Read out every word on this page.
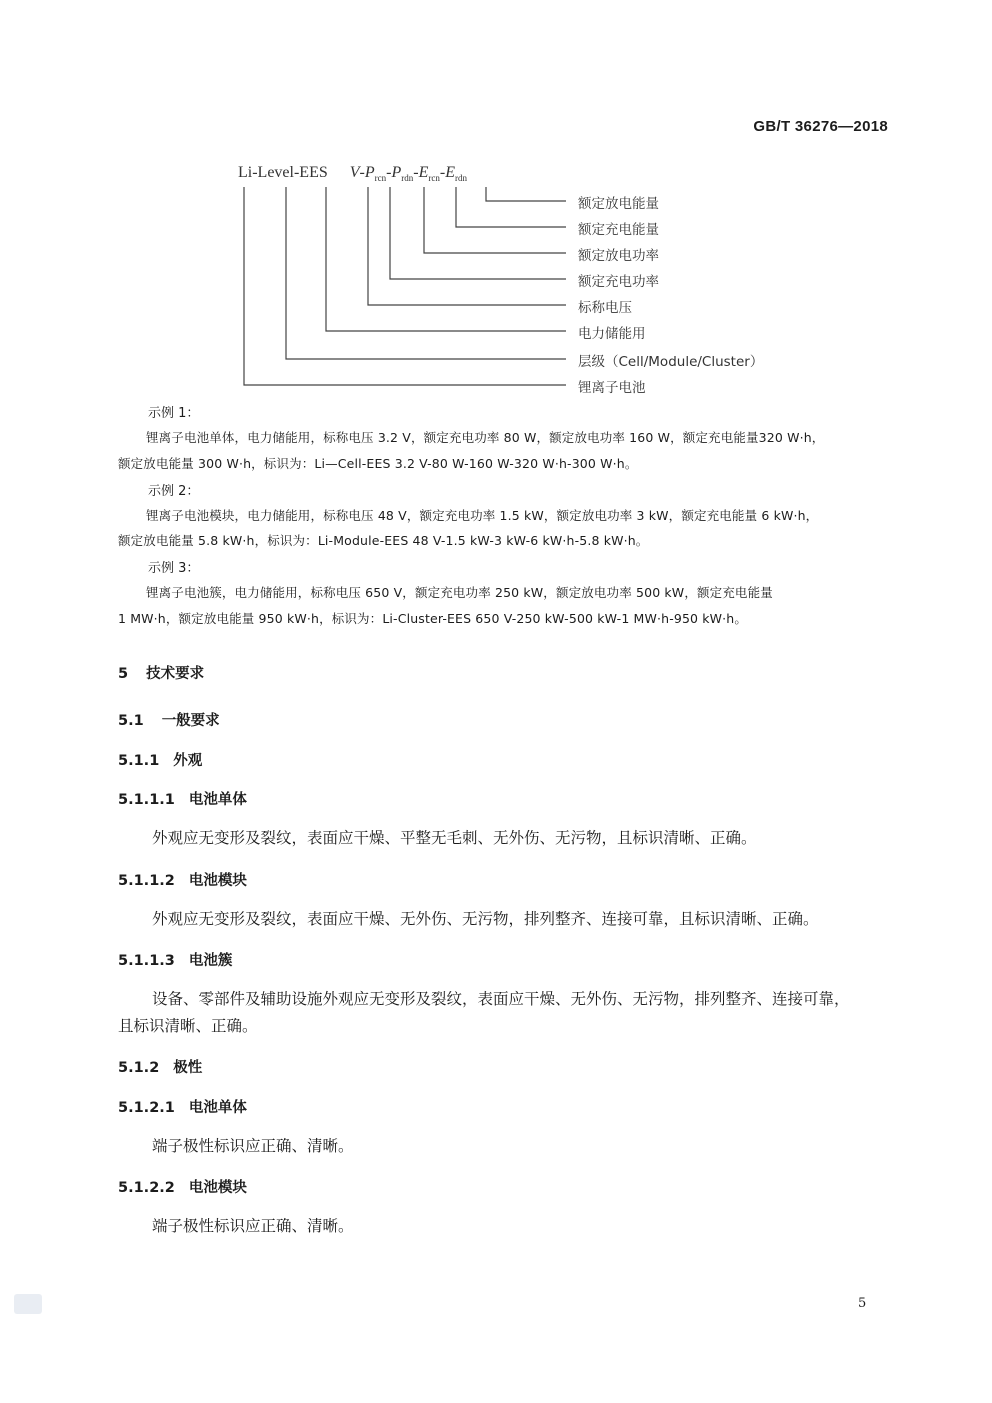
GB/T 36276—2018
Li-Level-EES $V-P_{rcn}-P_{rdn}-E_{rcn}-E_{rdn}$
额定放电能量
额定充电能量
额定放电功率
额定充电功率
标称电压
电力储能用
层级（Cell/Module/Cluster）
锂离子电池
示例 1：
锂离子电池单体，电力储能用，标称电压 3.2 V，额定充电功率 80 W，额定放电功率 160 W，额定充电能量320 W·h，
额定放电能量 300 W·h，标识为：Li—Cell-EES 3.2 V-80 W-160 W-320 W·h-300 W·h。
示例 2：
锂离子电池模块，电力储能用，标称电压 48 V，额定充电功率 1.5 kW，额定放电功率 3 kW，额定充电能量 6 kW·h，
额定放电能量 5.8 kW·h，标识为：Li-Module-EES 48 V-1.5 kW-3 kW-6 kW·h-5.8 kW·h。
示例 3：
锂离子电池簇，电力储能用，标称电压 650 V，额定充电功率 250 kW，额定放电功率 500 kW，额定充电能量
1 MW·h，额定放电能量 950 kW·h，标识为：Li-Cluster-EES 650 V-250 kW-500 kW-1 MW·h-950 kW·h。
5 技术要求
5.1 一般要求
5.1.1 外观
5.1.1.1 电池单体
外观应无变形及裂纹，表面应干燥、平整无毛刺、无外伤、无污物，且标识清晰、正确。
5.1.1.2 电池模块
外观应无变形及裂纹，表面应干燥、无外伤、无污物，排列整齐、连接可靠，且标识清晰、正确。
5.1.1.3 电池簇
设备、零部件及辅助设施外观应无变形及裂纹，表面应干燥、无外伤、无污物，排列整齐、连接可靠，
且标识清晰、正确。
5.1.2 极性
5.1.2.1 电池单体
端子极性标识应正确、清晰。
5.1.2.2 电池模块
端子极性标识应正确、清晰。
5
